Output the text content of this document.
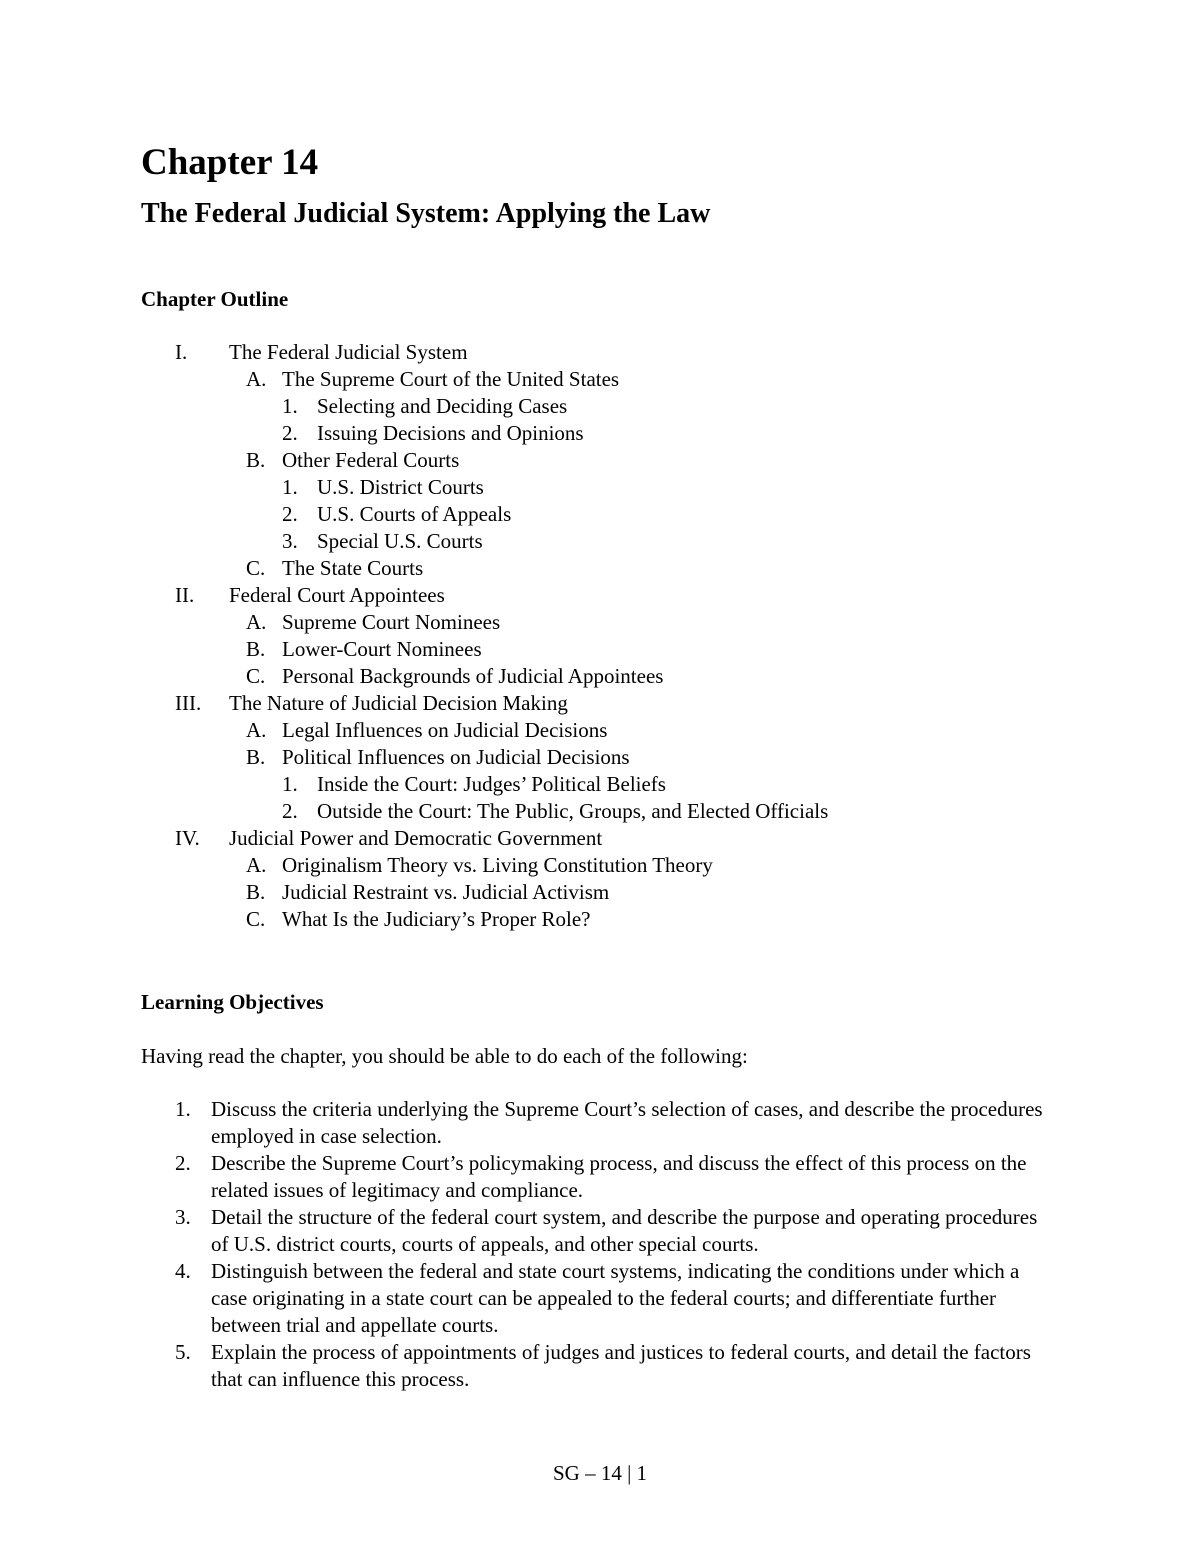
Chapter 14
The Federal Judicial System: Applying the Law
Chapter Outline
I. The Federal Judicial System
A. The Supreme Court of the United States
1. Selecting and Deciding Cases
2. Issuing Decisions and Opinions
B. Other Federal Courts
1. U.S. District Courts
2. U.S. Courts of Appeals
3. Special U.S. Courts
C. The State Courts
II. Federal Court Appointees
A. Supreme Court Nominees
B. Lower-Court Nominees
C. Personal Backgrounds of Judicial Appointees
III. The Nature of Judicial Decision Making
A. Legal Influences on Judicial Decisions
B. Political Influences on Judicial Decisions
1. Inside the Court: Judges’ Political Beliefs
2. Outside the Court: The Public, Groups, and Elected Officials
IV. Judicial Power and Democratic Government
A. Originalism Theory vs. Living Constitution Theory
B. Judicial Restraint vs. Judicial Activism
C. What Is the Judiciary’s Proper Role?
Learning Objectives

Having read the chapter, you should be able to do each of the following:

1. Discuss the criteria underlying the Supreme Court’s selection of cases, and describe the procedures employed in case selection.
2. Describe the Supreme Court’s policymaking process, and discuss the effect of this process on the related issues of legitimacy and compliance.
3. Detail the structure of the federal court system, and describe the purpose and operating procedures of U.S. district courts, courts of appeals, and other special courts.
4. Distinguish between the federal and state court systems, indicating the conditions under which a case originating in a state court can be appealed to the federal courts; and differentiate further between trial and appellate courts.
5. Explain the process of appointments of judges and justices to federal courts, and detail the factors that can influence this process.

SG – 14 | 1
